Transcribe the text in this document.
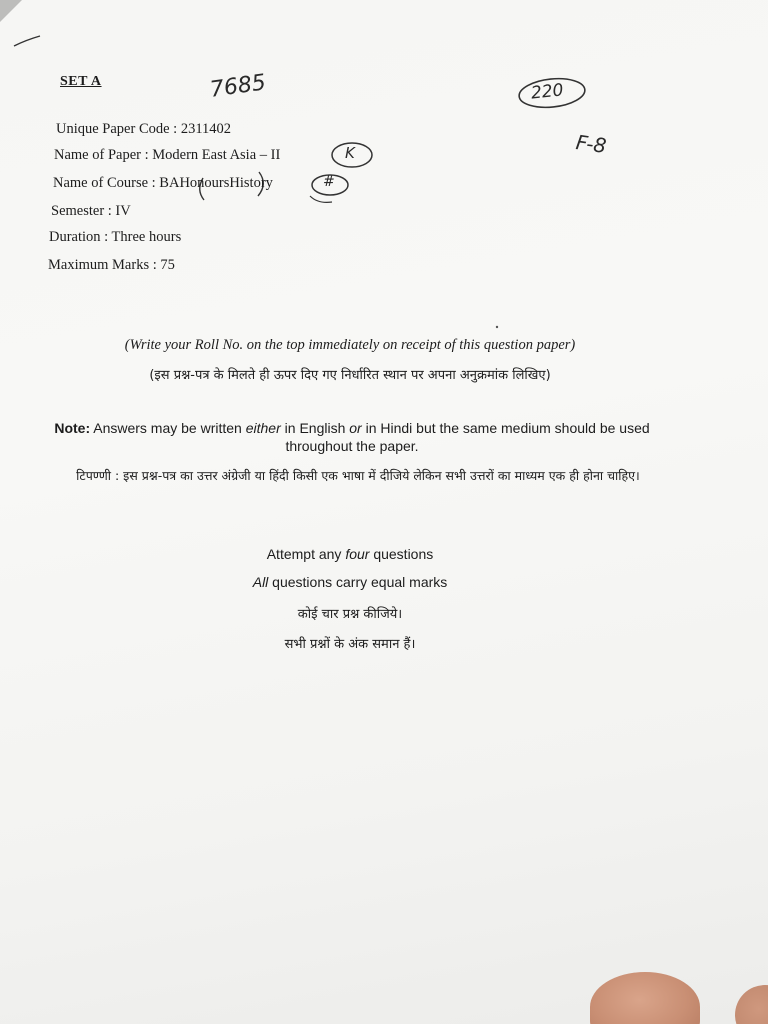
SET A	7685	220
F-8
K
#
Unique Paper Code : 2311402
Name of Paper : Modern East Asia – II
Name of Course : BAHonoursHistory
Semester : IV
Duration : Three hours
Maximum Marks : 75
(Write your Roll No. on the top immediately on receipt of this question paper)
(इस प्रश्न-पत्र के मिलते ही ऊपर दिए गए निर्धारित स्थान पर अपना अनुक्रमांक लिखिए)
Note: Answers may be written either in English or in Hindi but the same medium should be used throughout the paper.
टिपण्णी : इस प्रश्न-पत्र का उत्तर अंग्रेजी या हिंदी किसी एक भाषा में दीजिये लेकिन सभी उत्तरों का माध्यम एक ही होना चाहिए।
Attempt any four questions
All questions carry equal marks
कोई चार प्रश्न कीजिये।
सभी प्रश्नों के अंक समान हैं।
